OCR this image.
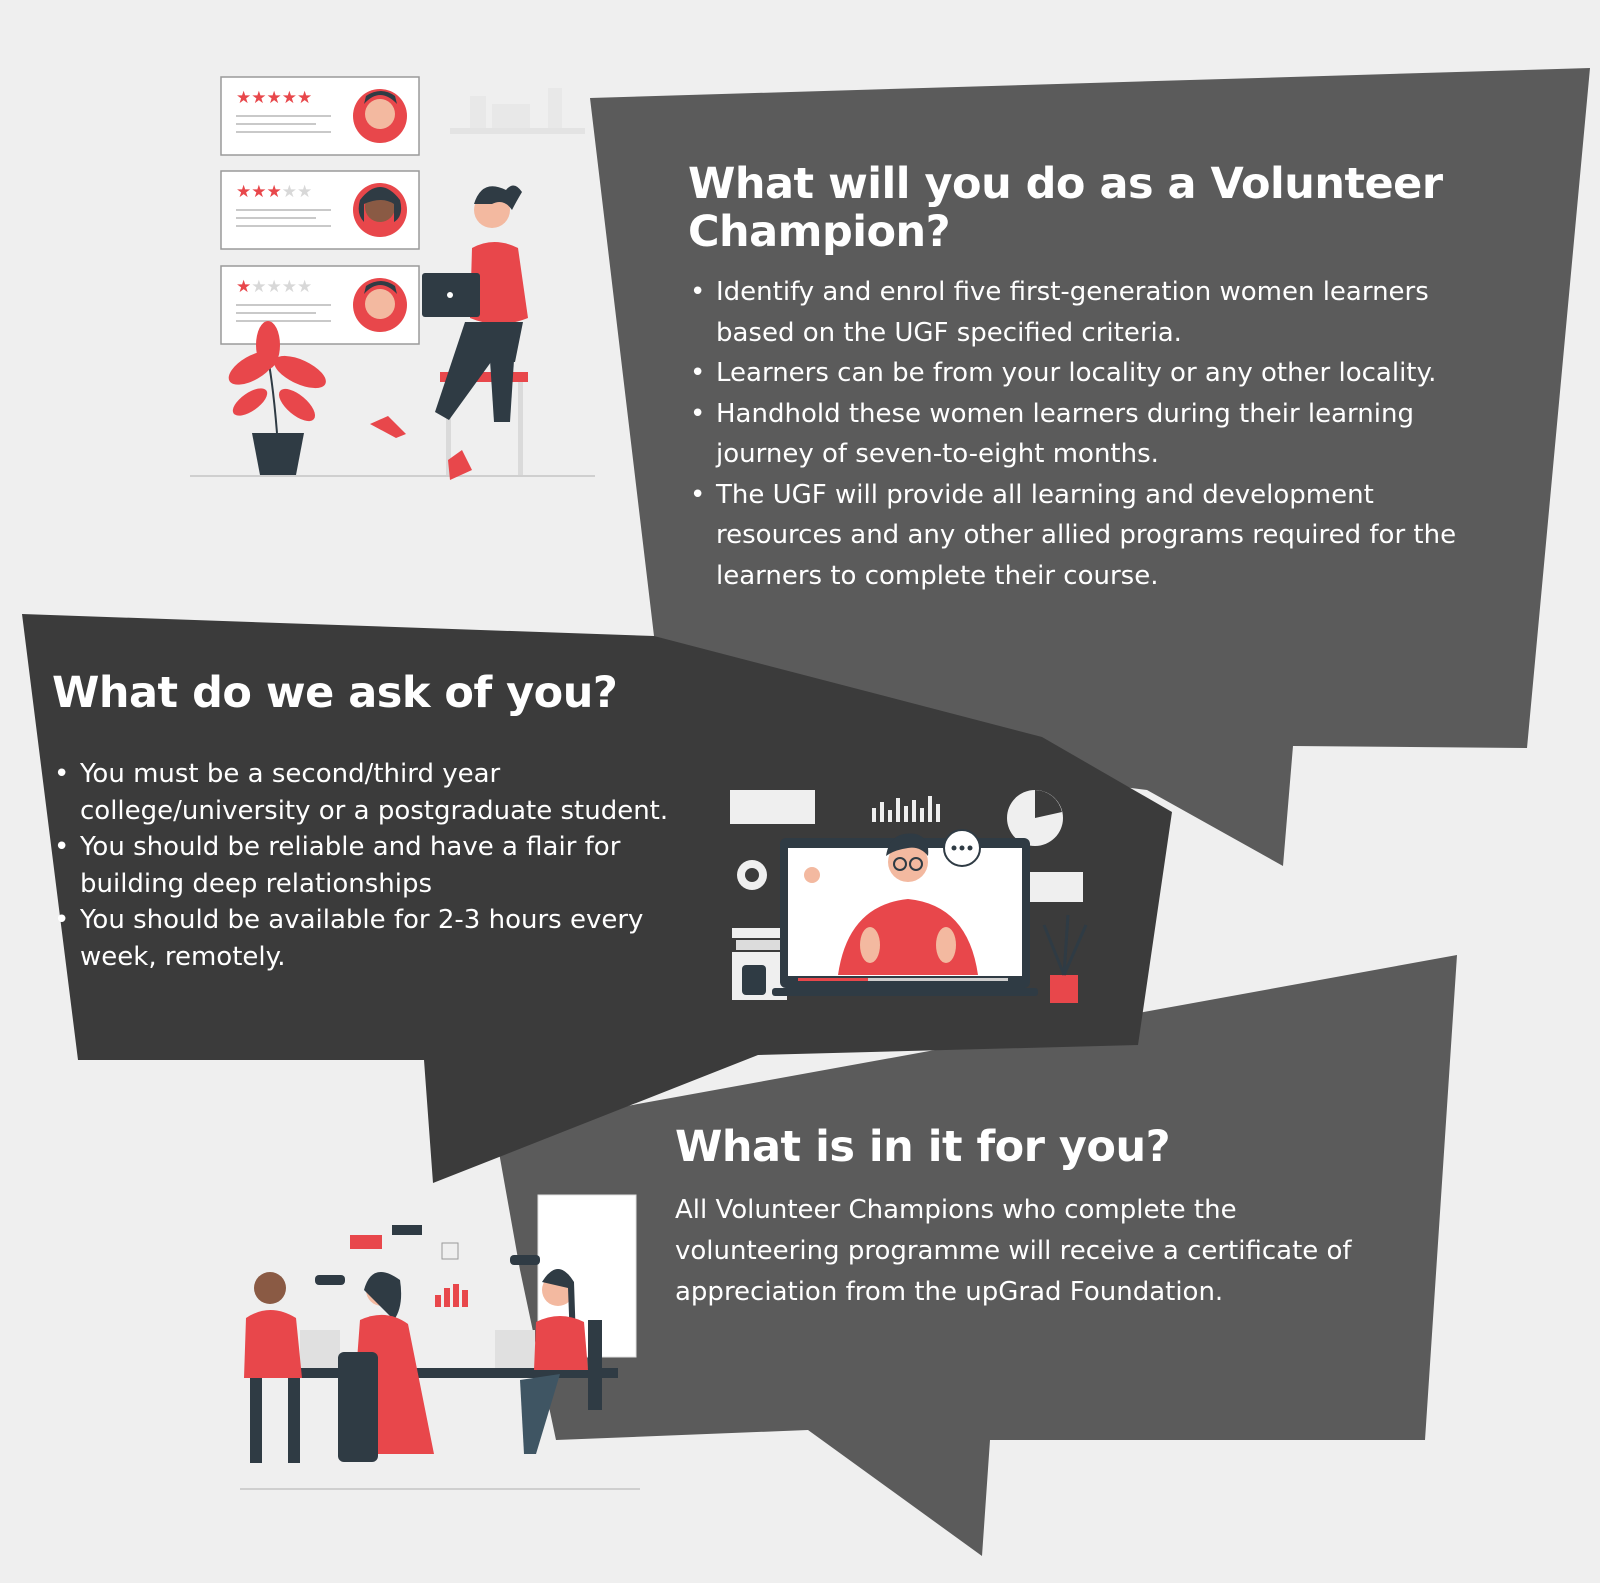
★★★★★
★★★★★
★★★★★
What will you do as a Volunteer Champion?
• Identify and enrol five first-generation women learners based on the UGF specified criteria.
• Learners can be from your locality or any other locality.
• Handhold these women learners during their learning journey of seven-to-eight months.
• The UGF will provide all learning and development resources and any other allied programs required for the learners to complete their course.
What do we ask of you?
• You must be a second/third year college/university or a postgraduate student.
• You should be reliable and have a flair for building deep relationships
• You should be available for 2-3 hours every week, remotely.
What is in it for you?

All Volunteer Champions who complete the volunteering programme will receive a certificate of appreciation from the upGrad Foundation.
